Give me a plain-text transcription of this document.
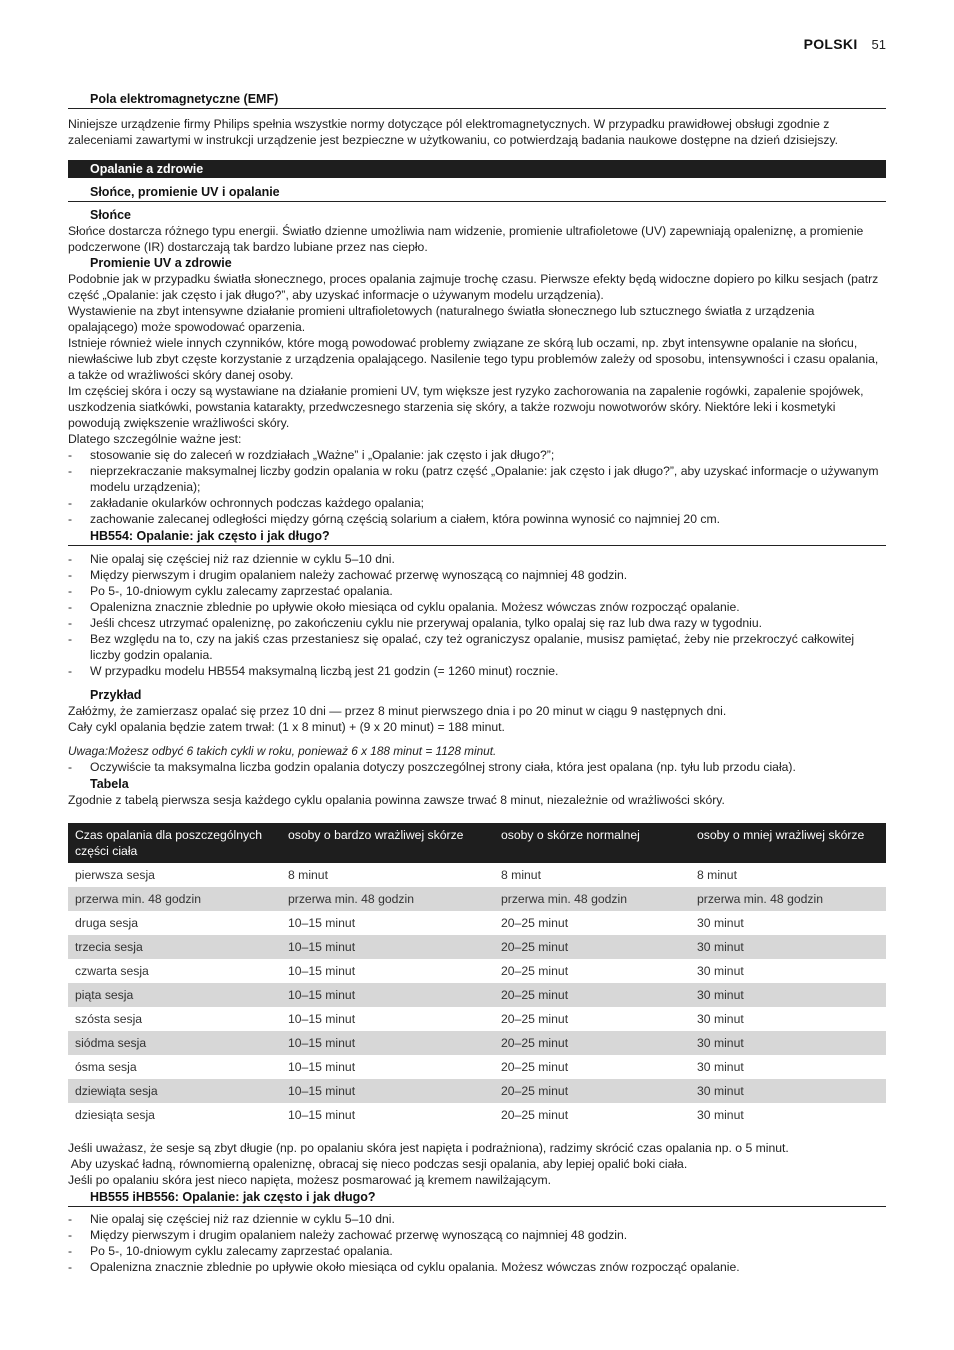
POLSKI 51
Pola elektromagnetyczne (EMF)

Niniejsze urządzenie firmy Philips spełnia wszystkie normy dotyczące pól elektromagnetycznych. W przypadku prawidłowej obsługi zgodnie z zaleceniami zawartymi w instrukcji urządzenie jest bezpieczne w użytkowaniu, co potwierdzają badania naukowe dostępne na dzień dzisiejszy.

Opalanie a zdrowie
Słońce, promienie UV i opalanie
Słońce

Słońce dostarcza różnego typu energii. Światło dzienne umożliwia nam widzenie, promienie ultrafioletowe (UV) zapewniają opaleniznę, a promienie podczerwone (IR) dostarczają tak bardzo lubiane przez nas ciepło.

Promienie UV a zdrowie

Podobnie jak w przypadku światła słonecznego, proces opalania zajmuje trochę czasu. Pierwsze efekty będą widoczne dopiero po kilku sesjach (patrz część „Opalanie: jak często i jak długo?”, aby uzyskać informacje o używanym modelu urządzenia).

Wystawienie na zbyt intensywne działanie promieni ultrafioletowych (naturalnego światła słonecznego lub sztucznego światła z urządzenia opalającego) może spowodować oparzenia.

Istnieje również wiele innych czynników, które mogą powodować problemy związane ze skórą lub oczami, np. zbyt intensywne opalanie na słońcu, niewłaściwe lub zbyt częste korzystanie z urządzenia opalającego. Nasilenie tego typu problemów zależy od sposobu, intensywności i czasu opalania, a także od wrażliwości skóry danej osoby.

Im częściej skóra i oczy są wystawiane na działanie promieni UV, tym większe jest ryzyko zachorowania na zapalenie rogówki, zapalenie spojówek, uszkodzenia siatkówki, powstania katarakty, przedwczesnego starzenia się skóry, a także rozwoju nowotworów skóry. Niektóre leki i kosmetyki powodują zwiększenie wrażliwości skóry.

Dlatego szczególnie ważne jest:

- stosowanie się do zaleceń w rozdziałach „Ważne” i „Opalanie: jak często i jak długo?”;
- nieprzekraczanie maksymalnej liczby godzin opalania w roku (patrz część „Opalanie: jak często i jak długo?”, aby uzyskać informacje o używanym modelu urządzenia);
- zakładanie okularków ochronnych podczas każdego opalania;
- zachowanie zalecanej odległości między górną częścią solarium a ciałem, która powinna wynosić co najmniej 20 cm.
HB554: Opalanie: jak często i jak długo?
- Nie opalaj się częściej niż raz dziennie w cyklu 5–10 dni.
- Między pierwszym i drugim opalaniem należy zachować przerwę wynoszącą co najmniej 48 godzin.
- Po 5-, 10-dniowym cyklu zalecamy zaprzestać opalania.
- Opalenizna znacznie zblednie po upływie około miesiąca od cyklu opalania. Możesz wówczas znów rozpocząć opalanie.
- Jeśli chcesz utrzymać opaleniznę, po zakończeniu cyklu nie przerywaj opalania, tylko opalaj się raz lub dwa razy w tygodniu.
- Bez względu na to, czy na jakiś czas przestaniesz się opalać, czy też ograniczysz opalanie, musisz pamiętać, żeby nie przekroczyć całkowitej liczby godzin opalania.
- W przypadku modelu HB554 maksymalną liczbą jest 21 godzin (= 1260 minut) rocznie.
Przykład

Załóżmy, że zamierzasz opalać się przez 10 dni — przez 8 minut pierwszego dnia i po 20 minut w ciągu 9 następnych dni.

Cały cykl opalania będzie zatem trwał: (1 x 8 minut) + (9 x 20 minut) = 188 minut.

Uwaga:Możesz odbyć 6 takich cykli w roku, ponieważ 6 x 188 minut = 1128 minut.

- Oczywiście ta maksymalna liczba godzin opalania dotyczy poszczególnej strony ciała, która jest opalana (np. tyłu lub przodu ciała).
Tabela

Zgodnie z tabelą pierwsza sesja każdego cyklu opalania powinna zawsze trwać 8 minut, niezależnie od wrażliwości skóry.

Czas opalania dla poszczególnych części ciała	osoby o bardzo wrażliwej skórze	osoby o skórze normalnej	osoby o mniej wrażliwej skórze
pierwsza sesja	8 minut	8 minut	8 minut
przerwa min. 48 godzin	przerwa min. 48 godzin	przerwa min. 48 godzin	przerwa min. 48 godzin
druga sesja	10–15 minut	20–25 minut	30 minut
trzecia sesja	10–15 minut	20–25 minut	30 minut
czwarta sesja	10–15 minut	20–25 minut	30 minut
piąta sesja	10–15 minut	20–25 minut	30 minut
szósta sesja	10–15 minut	20–25 minut	30 minut
siódma sesja	10–15 minut	20–25 minut	30 minut
ósma sesja	10–15 minut	20–25 minut	30 minut
dziewiąta sesja	10–15 minut	20–25 minut	30 minut
dziesiąta sesja	10–15 minut	20–25 minut	30 minut

Jeśli uważasz, że sesje są zbyt długie (np. po opalaniu skóra jest napięta i podrażniona), radzimy skrócić czas opalania np. o 5 minut.

Aby uzyskać ładną, równomierną opaleniznę, obracaj się nieco podczas sesji opalania, aby lepiej opalić boki ciała.

Jeśli po opalaniu skóra jest nieco napięta, możesz posmarować ją kremem nawilżającym.

HB555 iHB556: Opalanie: jak często i jak długo?
- Nie opalaj się częściej niż raz dziennie w cyklu 5–10 dni.
- Między pierwszym i drugim opalaniem należy zachować przerwę wynoszącą co najmniej 48 godzin.
- Po 5-, 10-dniowym cyklu zalecamy zaprzestać opalania.
- Opalenizna znacznie zblednie po upływie około miesiąca od cyklu opalania. Możesz wówczas znów rozpocząć opalanie.
